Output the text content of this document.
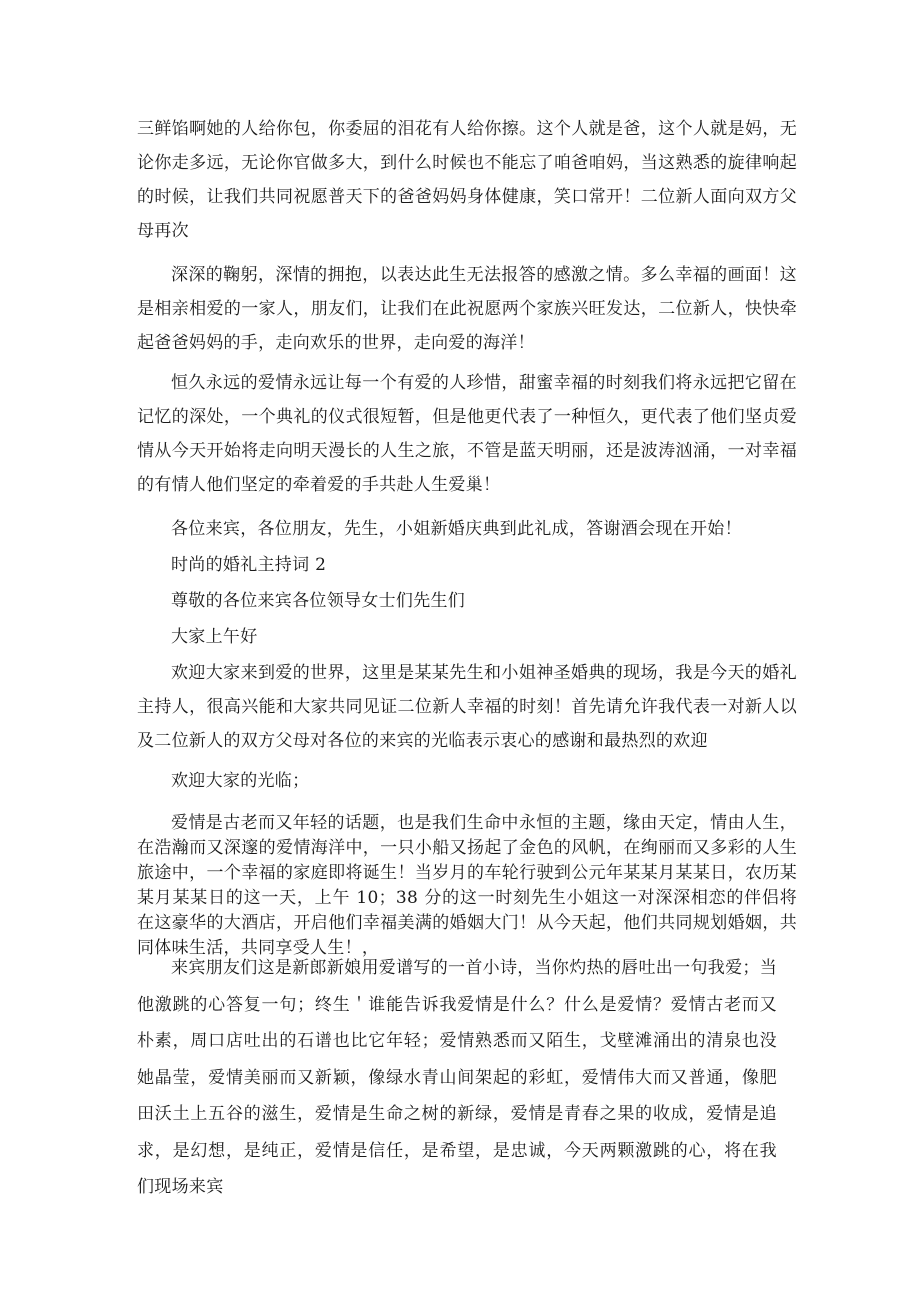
三鲜馅啊她的人给你包，你委屈的泪花有人给你擦。这个人就是爸，这个人就是妈，无论你走多远，无论你官做多大，到什么时候也不能忘了咱爸咱妈，当这熟悉的旋律响起的时候，让我们共同祝愿普天下的爸爸妈妈身体健康，笑口常开！二位新人面向双方父母再次

深深的鞠躬，深情的拥抱，以表达此生无法报答的感激之情。多么幸福的画面！这是相亲相爱的一家人，朋友们，让我们在此祝愿两个家族兴旺发达，二位新人，快快牵起爸爸妈妈的手，走向欢乐的世界，走向爱的海洋！

恒久永远的爱情永远让每一个有爱的人珍惜，甜蜜幸福的时刻我们将永远把它留在记忆的深处，一个典礼的仪式很短暂，但是他更代表了一种恒久，更代表了他们坚贞爱情从今天开始将走向明天漫长的人生之旅，不管是蓝天明丽，还是波涛汹涌，一对幸福的有情人他们坚定的牵着爱的手共赴人生爱巢！

各位来宾，各位朋友，先生，小姐新婚庆典到此礼成，答谢酒会现在开始！

时尚的婚礼主持词 2

尊敬的各位来宾各位领导女士们先生们

大家上午好

欢迎大家来到爱的世界，这里是某某先生和小姐神圣婚典的现场，我是今天的婚礼主持人，很高兴能和大家共同见证二位新人幸福的时刻！首先请允许我代表一对新人以及二位新人的双方父母对各位的来宾的光临表示衷心的感谢和最热烈的欢迎

欢迎大家的光临；

爱情是古老而又年轻的话题，也是我们生命中永恒的主题，缘由天定，情由人生，在浩瀚而又深邃的爱情海洋中，一只小船又扬起了金色的风帆，在绚丽而又多彩的人生旅途中，一个幸福的家庭即将诞生！当岁月的车轮行驶到公元年某某月某某日，农历某某月某某日的这一天，上午 10；38 分的这一时刻先生小姐这一对深深相恋的伴侣将在这豪华的大酒店，开启他们幸福美满的婚姻大门！从今天起，他们共同规划婚姻，共同体味生活，共同享受人生！，

来宾朋友们这是新郎新娘用爱谱写的一首小诗，当你灼热的唇吐出一句我爱；当他激跳的心答复一句；终生＇谁能告诉我爱情是什么？什么是爱情？爱情古老而又朴素，周口店吐出的石谱也比它年轻；爱情熟悉而又陌生，戈壁滩涌出的清泉也没她晶莹，爱情美丽而又新颖，像绿水青山间架起的彩虹，爱情伟大而又普通，像肥田沃土上五谷的滋生，爱情是生命之树的新绿，爱情是青春之果的收成，爱情是追求，是幻想，是纯正，爱情是信任，是希望，是忠诚，今天两颗激跳的心，将在我们现场来宾
